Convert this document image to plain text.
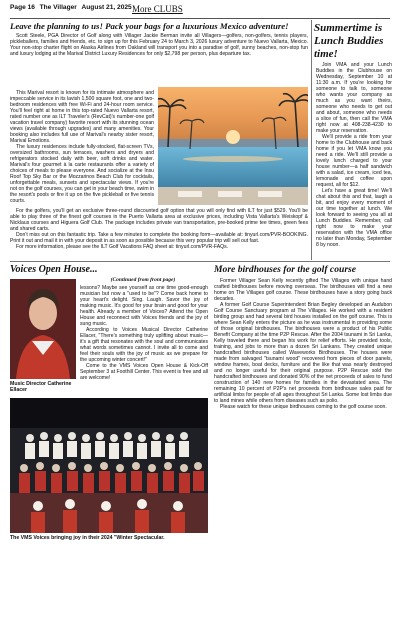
Page 16 The Villager August 21, 2025 More CLUBS
Leave the planning to us! Pack your bags for a luxurious Mexico adventure!

Scott Steele, PGA Director of Golf along with Villager Jackie Berman invite all Villagers—golfers, non-golfers, tennis players, pickleballers, families and friends, etc. to sign up for this February 24 to March 3, 2026 luxury adventure to Nuevo Vallarta, Mexico. Your non-stop charter flight on Alaska Airlines from Oakland will transport you into a paradise of golf, sunny beaches, non-stop fun and luxury lodging at the Marival District Luxury Residences for only $2,798 per person, plus departure tax.

This Marival resort is known for its intimate atmosphere and impeccable service in its lavish 1,500 square foot, one and two-bedroom residences with free Wi-Fi and 24-hour room service. You'll feel right at home in this top-rated Nuevo Vallarta resort, rated number one as ILT Traveler's (RevCat)'s number-one golf vacation travel company) favorite resort with its stunning ocean views (available through upgrades) and many amenities. Your booking also includes full use of Marival's nearby sister resort, Marival Emotions.

The luxury residences include fully-stocked, flat-screen TVs, oversized bathrooms, sun terraces, washers and dryers and refrigerators stocked daily with beer, soft drinks and water. Marival's four gourmet à la carte restaurants offer a variety of choices of meals to please everyone. And socialize at the Insu Roof Top Sky Bar or the Mozzarinos Beach Club for cocktails, unforgettable meals, sunsets and spectacular views. If you're not on the golf courses, you can get in your beach time, swim in the resort's pools or fire it up on the five pickleball or five tennis courts.

For the golfers, you'll get an exclusive three-round discounted golf option that you will only find with ILT for just $529. You'll be able to play three of the finest golf courses in the Puerto Vallarta area at exclusive prices, including Vista Vallarta's Weiskopf & Nicklaus courses and Higuera Golf Club. The package includes private van transportation, pre-booked prime tee times, green fees and shared carts.

Don't miss out on this fantastic trip. Take a few minutes to complete the booking form—available at: tinyurl.com/PVR-BOOKING. Print it out and mail it in with your deposit in as soon as possible because this very popular trip will sell out fast.

For more information, please see the ILT Golf Vacations FAQ sheet at: tinyurl.com/PVR-FAQs.

Summertime is Lunch Buddies time!

Join VMA and your Lunch Buddies in the Clubhouse on Wednesday, September 10 at 11:30 a.m. If you're looking for someone to talk to, someone who wants your company as much as you want theirs, someone who needs to get out and about, someone who needs a slice of fun, then call the VMA right now at 408-238-4230 to make your reservation.

We'll provide a ride from your home to the Clubhouse and back home if you let VMA know you need a ride. We'll still provide a lovely lunch charged to your house number—a half sandwich with a salad, ice cream, iced tea, lemonade and coffee upon request, all for $12.

Let's have a great time! We'll chat about this and that, laugh a bit, and enjoy every moment of our time together at lunch. We look forward to seeing you all at Lunch Buddies. Remember, call right now to make your reservation with the VMA office no later than Monday, September 8 by noon.

Voices Open House...
(Continued from front page)
Music Director Catherine Ellacer

lessons? Maybe see yourself as one time good-enough musician but now a "used to be"? Come back home to your heart's delight. Sing. Laugh. Savor the joy of making music. It's good for your brain and good for your health. Already a member of Voices? Attend the Open House and reconnect with Voices friends and the joy of sung music.

According to Voices Musical Director Catherine Ellacer, "There's something truly uplifting about music—it's a gift that resonates with the soul and communicates what words sometimes cannot. I invite all to come and feel their souls with the joy of music as we prepare for the upcoming winter concert!"

Come to the VMS Voices Open House & Kick-Off September 3 at Foothill Center. This event is free and all are welcome!

The VMS Voices bringing joy in their 2024 "Winter Spectacular.
More birdhouses for the golf course

Former Villager Sean Kelly recently gifted The Villages with unique hand crafted birdhouses before moving overseas. The birdhouses will find a new home on The Villages golf course. These birdhouses have a story going back decades.

A former Golf Course Superintendent Brian Begley developed an Audubon Golf Course Sanctuary program at The Villages. He worked with a resident birding group and had several bird houses installed on the golf course. This is where Sean Kelly enters the picture as he was instrumental in providing some of those original birdhouses. The birdhouses were a product of his Public Benefit Company at the time P2P Rescue. After the 2004 tsunami in Sri Lanka, Kelly traveled there and began his work for relief efforts. He provided tools, training, and jobs to more than a dozen Sri Lankans. They created unique handcrafted birdhouses called Waveworks Birdhouses. The houses were made from salvaged "tsunami wood" recovered from pieces of door panels, window frames, boat decks, furniture and the like that was nearly destroyed and no longer useful for their original purpose. P2P Rescue sold the handcrafted birdhouses and donated 90% of the net proceeds of sales to fund construction of 140 new homes for families in the devastated area. The remaining 10 percent of P2P's net proceeds from birdhouse sales paid for artificial limbs for people of all ages throughout Sri Lanka. Some lost limbs due to land mines while others from diseases such as polio.

Please watch for these unique birdhouses coming to the golf course soon.
